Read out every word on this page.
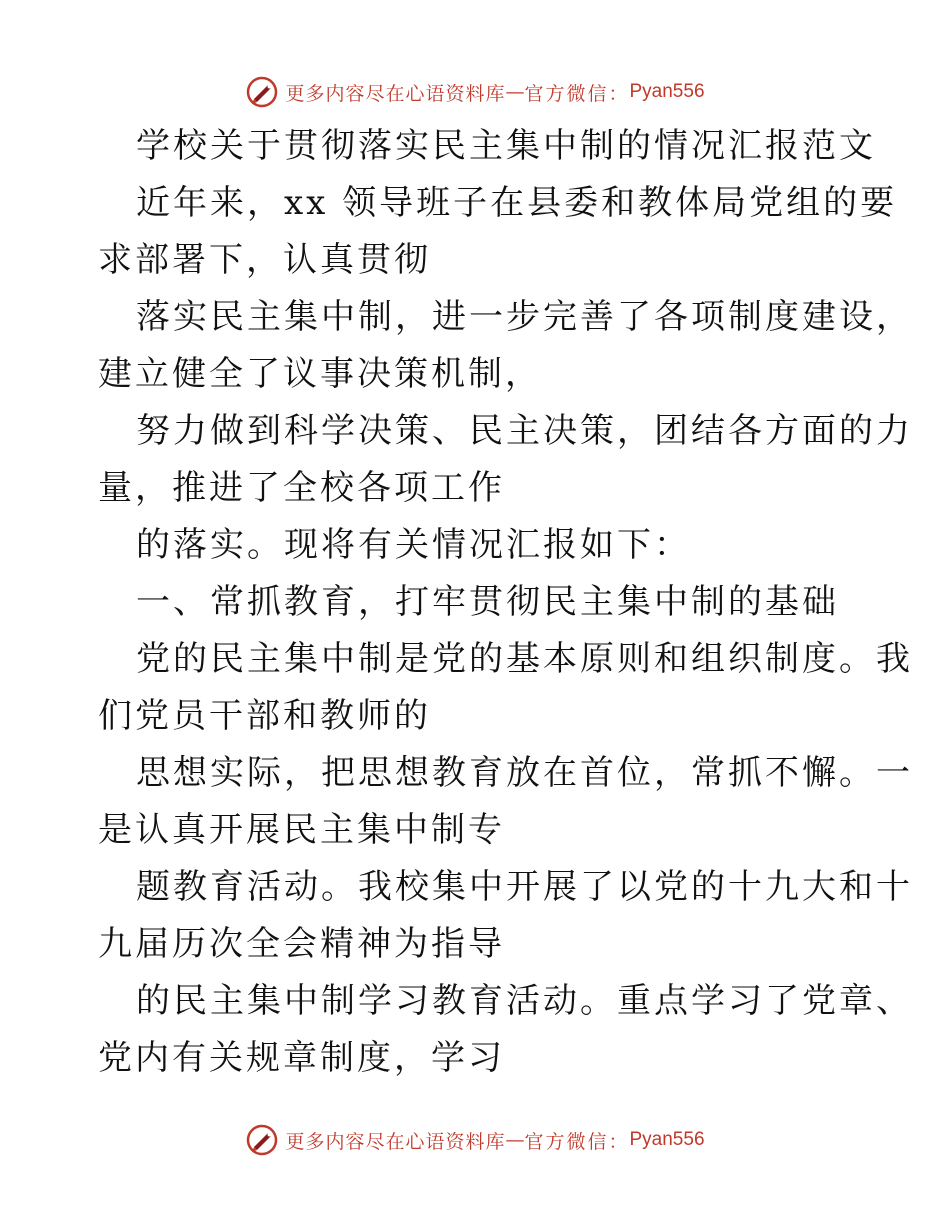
更多内容尽在心语资料库 — 官方微信： Pyan556
学校关于贯彻落实民主集中制的情况汇报范文
近年来，xx 领导班子在县委和教体局党组的要
求部署下，认真贯彻
落实民主集中制，进一步完善了各项制度建设，
建立健全了议事决策机制，
努力做到科学决策、民主决策，团结各方面的力
量，推进了全校各项工作
的落实。现将有关情况汇报如下：
一、常抓教育，打牢贯彻民主集中制的基础
党的民主集中制是党的基本原则和组织制度。我
们党员干部和教师的
思想实际，把思想教育放在首位，常抓不懈。一
是认真开展民主集中制专
题教育活动。我校集中开展了以党的十九大和十
九届历次全会精神为指导
的民主集中制学习教育活动。重点学习了党章、
党内有关规章制度，学习
更多内容尽在心语资料库 — 官方微信： Pyan556
